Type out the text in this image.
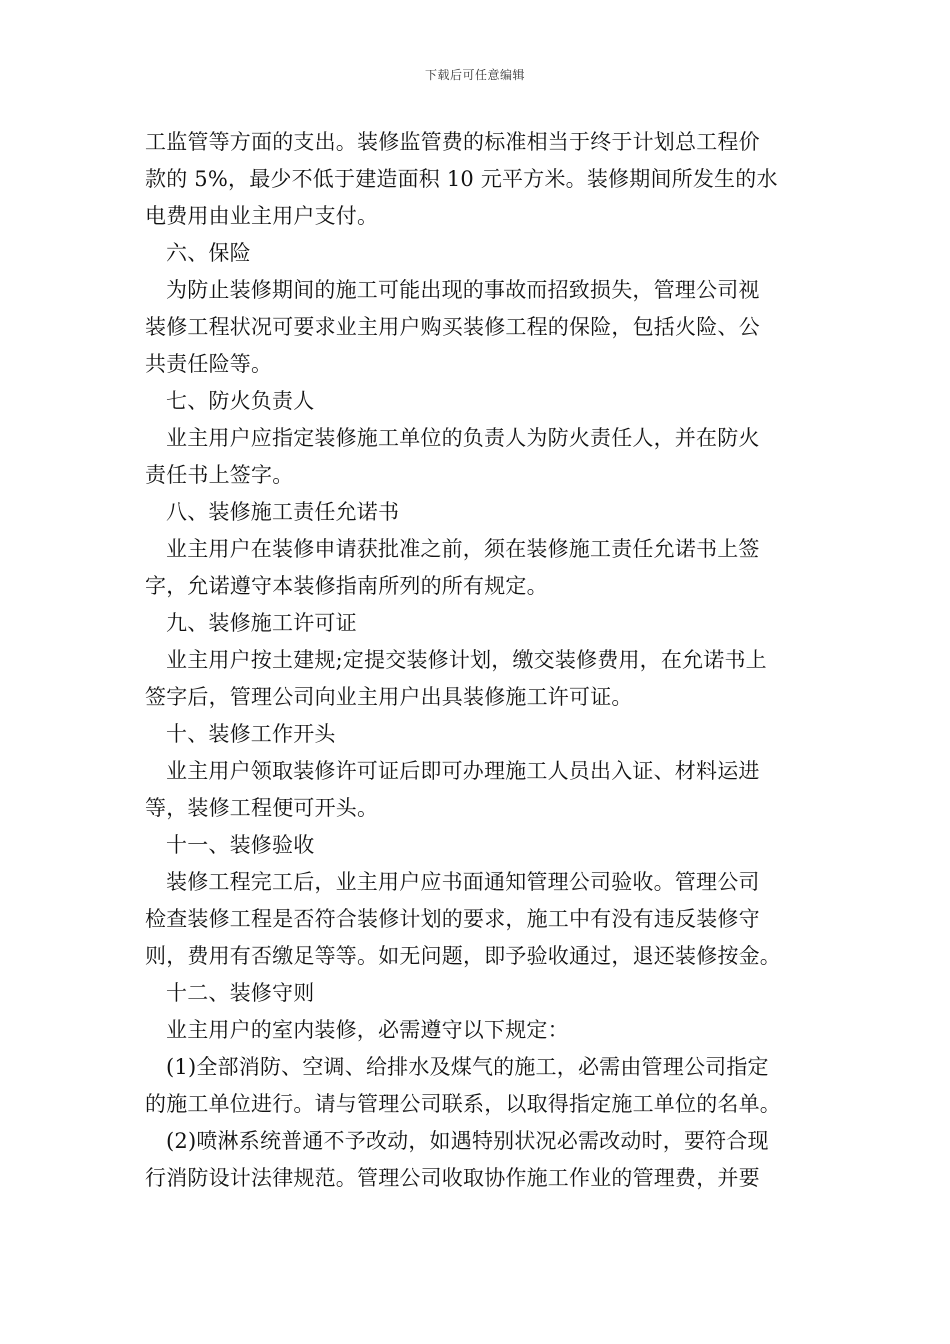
下载后可任意编辑
工监管等方面的支出。装修监管费的标准相当于终于计划总工程价
款的 5%，最少不低于建造面积 10 元平方米。装修期间所发生的水
电费用由业主用户支付。
六、保险
为防止装修期间的施工可能出现的事故而招致损失，管理公司视
装修工程状况可要求业主用户购买装修工程的保险，包括火险、公
共责任险等。
七、防火负责人
业主用户应指定装修施工单位的负责人为防火责任人，并在防火
责任书上签字。
八、装修施工责任允诺书
业主用户在装修申请获批准之前，须在装修施工责任允诺书上签
字，允诺遵守本装修指南所列的所有规定。
九、装修施工许可证
业主用户按土建规;定提交装修计划，缴交装修费用，在允诺书上
签字后，管理公司向业主用户出具装修施工许可证。
十、装修工作开头
业主用户领取装修许可证后即可办理施工人员出入证、材料运进
等，装修工程便可开头。
十一、装修验收
装修工程完工后，业主用户应书面通知管理公司验收。管理公司
检查装修工程是否符合装修计划的要求，施工中有没有违反装修守
则，费用有否缴足等等。如无问题，即予验收通过，退还装修按金。
十二、装修守则
业主用户的室内装修，必需遵守以下规定：
(1)全部消防、空调、给排水及煤气的施工，必需由管理公司指定
的施工单位进行。请与管理公司联系，以取得指定施工单位的名单。
(2)喷淋系统普通不予改动，如遇特别状况必需改动时，要符合现
行消防设计法律规范。管理公司收取协作施工作业的管理费，并要
